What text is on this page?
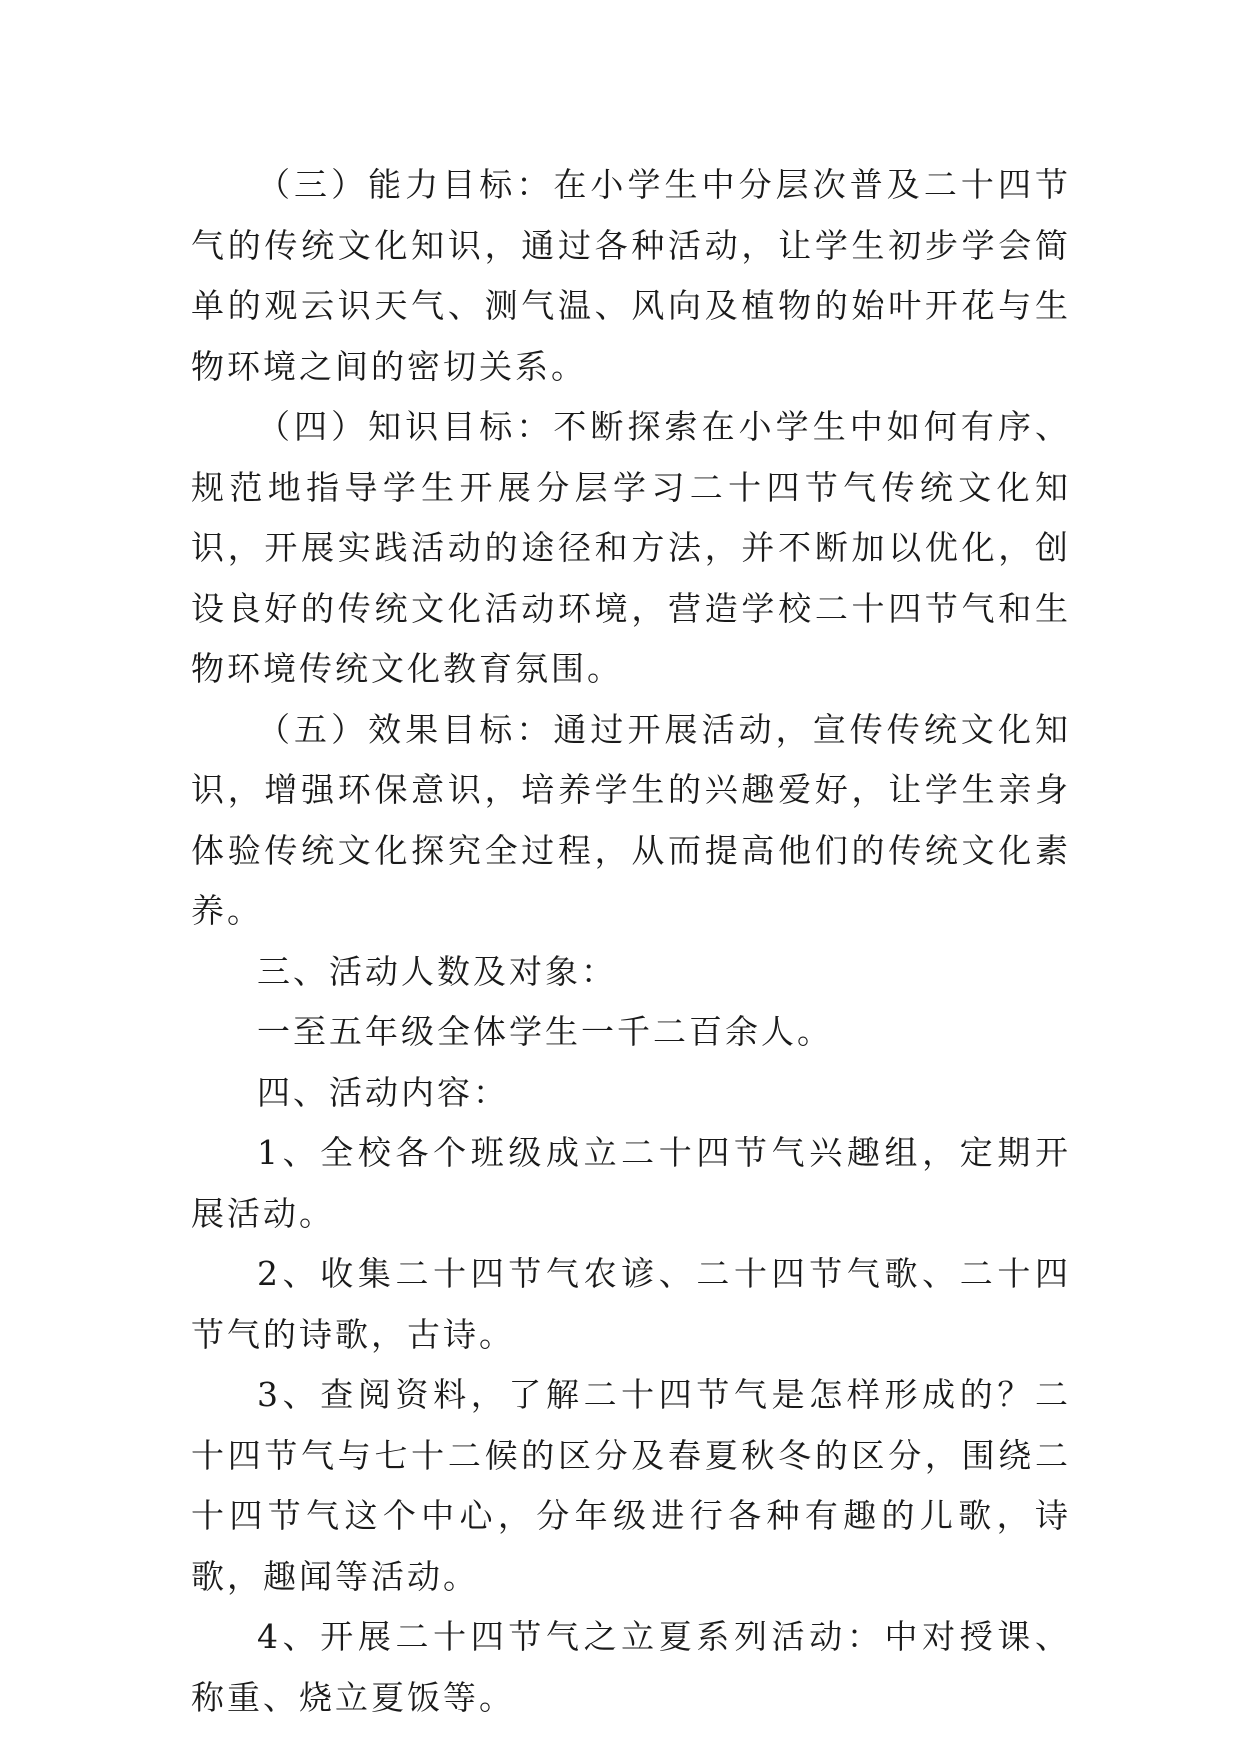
（三）能力目标：在小学生中分层次普及二十四节气的传统文化知识，通过各种活动，让学生初步学会简单的观云识天气、测气温、风向及植物的始叶开花与生物环境之间的密切关系。

（四）知识目标：不断探索在小学生中如何有序、规范地指导学生开展分层学习二十四节气传统文化知识，开展实践活动的途径和方法，并不断加以优化，创设良好的传统文化活动环境，营造学校二十四节气和生物环境传统文化教育氛围。

（五）效果目标：通过开展活动，宣传传统文化知识，增强环保意识，培养学生的兴趣爱好，让学生亲身体验传统文化探究全过程，从而提高他们的传统文化素养。

三、活动人数及对象：

一至五年级全体学生一千二百余人。

四、活动内容：

1、全校各个班级成立二十四节气兴趣组，定期开展活动。

2、收集二十四节气农谚、二十四节气歌、二十四节气的诗歌，古诗。

3、查阅资料，了解二十四节气是怎样形成的？二十四节气与七十二候的区分及春夏秋冬的区分，围绕二十四节气这个中心，分年级进行各种有趣的儿歌，诗歌，趣闻等活动。

4、开展二十四节气之立夏系列活动：中对授课、称重、烧立夏饭等。
